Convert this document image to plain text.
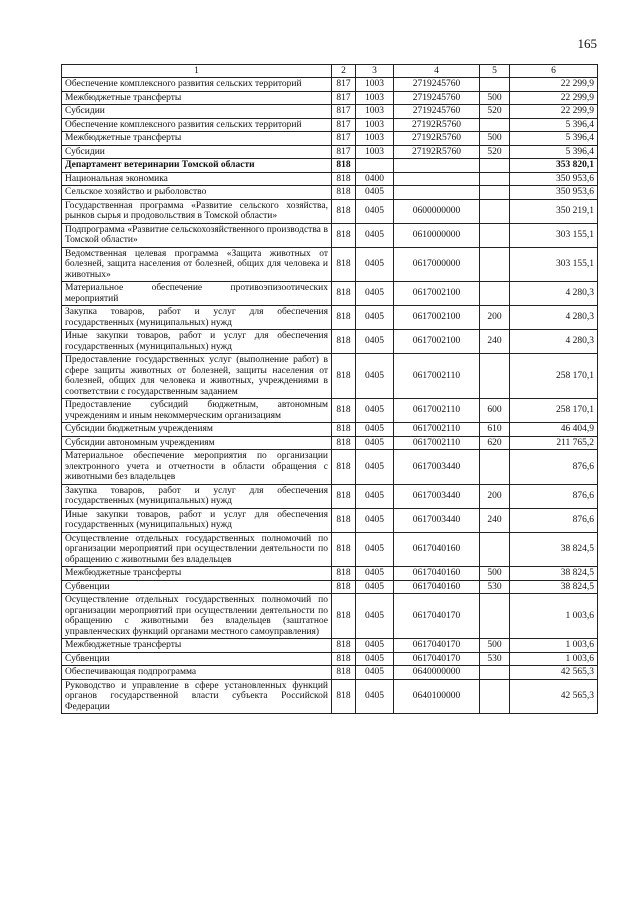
165
1	2	3	4	5	6
Обеспечение комплексного развития сельских территорий	817	1003	2719245760		22 299,9
Межбюджетные трансферты	817	1003	2719245760	500	22 299,9
Субсидии	817	1003	2719245760	520	22 299,9
Обеспечение комплексного развития сельских территорий	817	1003	27192R5760		5 396,4
Межбюджетные трансферты	817	1003	27192R5760	500	5 396,4
Субсидии	817	1003	27192R5760	520	5 396,4
Департамент ветеринарии Томской области	818				353 820,1
Национальная экономика	818	0400			350 953,6
Сельское хозяйство и рыболовство	818	0405			350 953,6
Государственная программа «Развитие сельского хозяйства, рынков сырья и продовольствия в Томской области»	818	0405	0600000000		350 219,1
Подпрограмма «Развитие сельскохозяйственного производства в Томской области»	818	0405	0610000000		303 155,1
Ведомственная целевая программа «Защита животных от болезней, защита населения от болезней, общих для человека и животных»	818	0405	0617000000		303 155,1
Материальное обеспечение противоэпизоотических мероприятий	818	0405	0617002100		4 280,3
Закупка товаров, работ и услуг для обеспечения государственных (муниципальных) нужд	818	0405	0617002100	200	4 280,3
Иные закупки товаров, работ и услуг для обеспечения государственных (муниципальных) нужд	818	0405	0617002100	240	4 280,3
Предоставление государственных услуг (выполнение работ) в сфере защиты животных от болезней, защиты населения от болезней, общих для человека и животных, учреждениями в соответствии с государственным заданием	818	0405	0617002110		258 170,1
Предоставление субсидий бюджетным, автономным учреждениям и иным некоммерческим организациям	818	0405	0617002110	600	258 170,1
Субсидии бюджетным учреждениям	818	0405	0617002110	610	46 404,9
Субсидии автономным учреждениям	818	0405	0617002110	620	211 765,2
Материальное обеспечение мероприятия по организации электронного учета и отчетности в области обращения с животными без владельцев	818	0405	0617003440		876,6
Закупка товаров, работ и услуг для обеспечения государственных (муниципальных) нужд	818	0405	0617003440	200	876,6
Иные закупки товаров, работ и услуг для обеспечения государственных (муниципальных) нужд	818	0405	0617003440	240	876,6
Осуществление отдельных государственных полномочий по организации мероприятий при осуществлении деятельности по обращению с животными без владельцев	818	0405	0617040160		38 824,5
Межбюджетные трансферты	818	0405	0617040160	500	38 824,5
Субвенции	818	0405	0617040160	530	38 824,5
Осуществление отдельных государственных полномочий по организации мероприятий при осуществлении деятельности по обращению с животными без владельцев (заштатное управленческих функций органами местного самоуправления)	818	0405	0617040170		1 003,6
Межбюджетные трансферты	818	0405	0617040170	500	1 003,6
Субвенции	818	0405	0617040170	530	1 003,6
Обеспечивающая подпрограмма	818	0405	0640000000		42 565,3
Руководство и управление в сфере установленных функций органов государственной власти субъекта Российской Федерации	818	0405	0640100000		42 565,3
